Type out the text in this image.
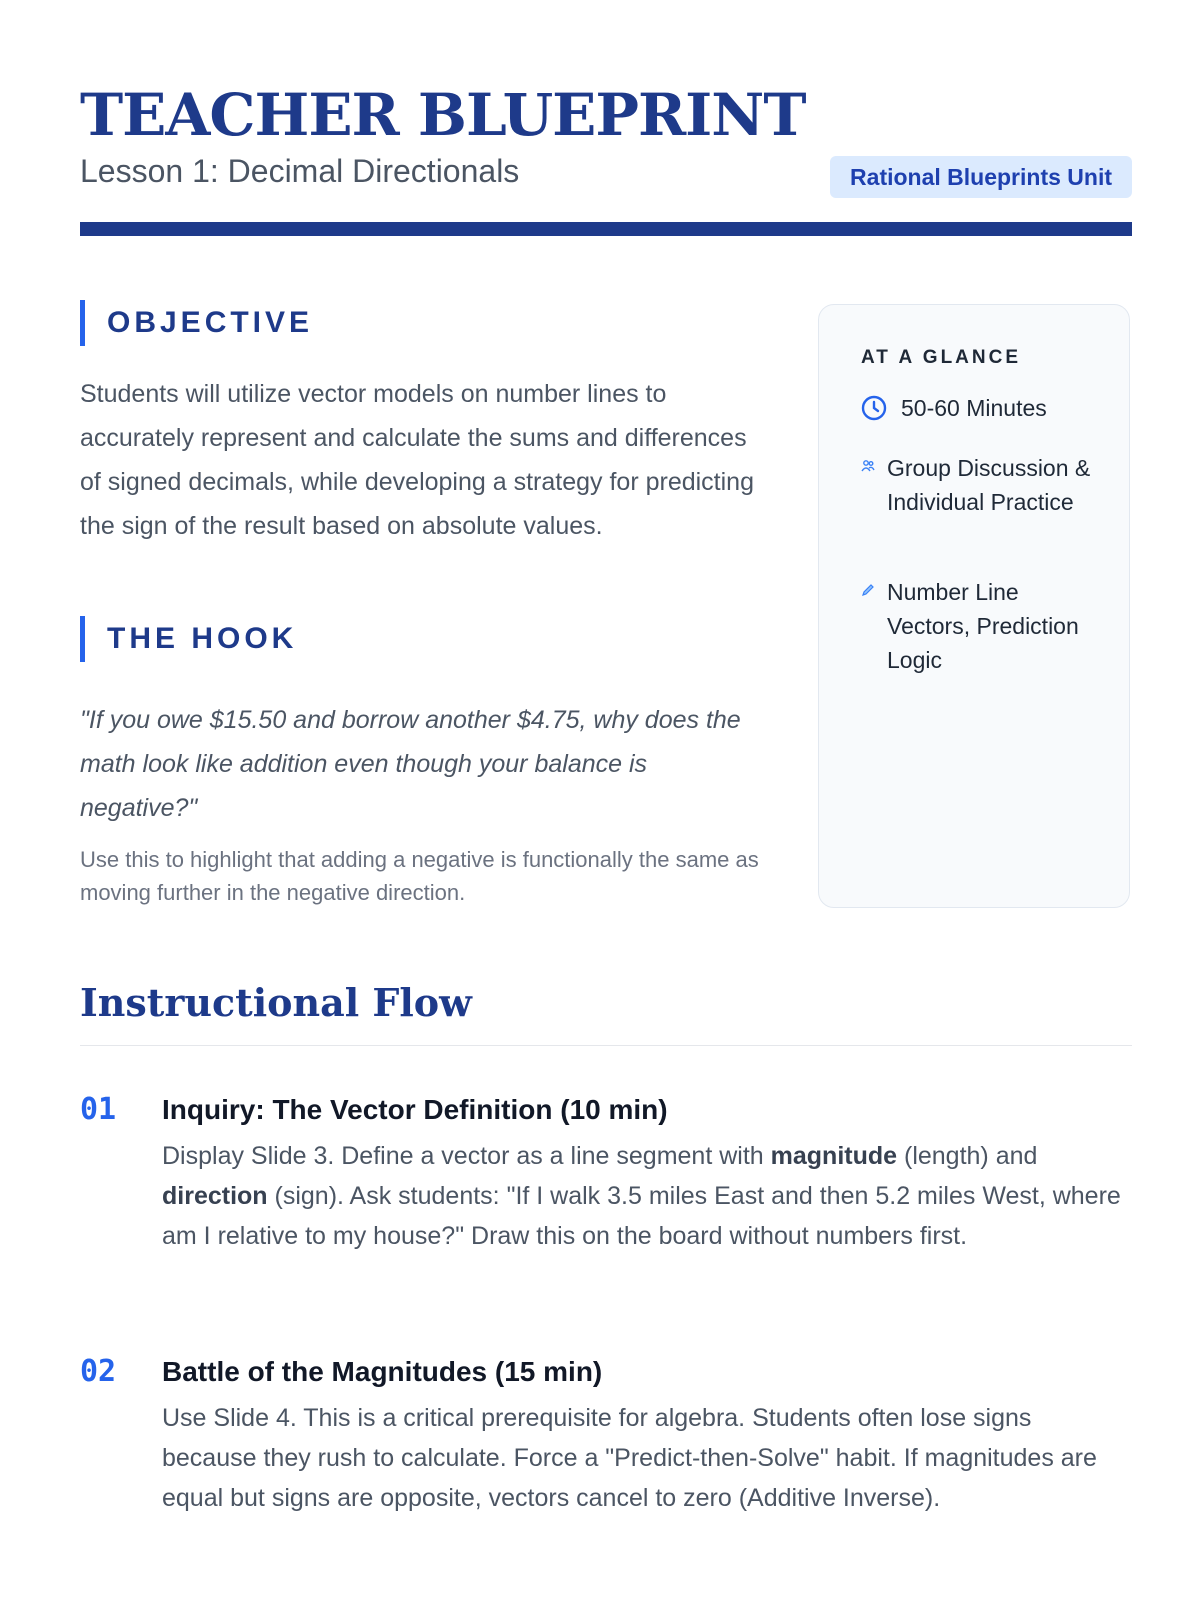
TEACHER BLUEPRINT
Lesson 1: Decimal Directionals	Rational Blueprints Unit
OBJECTIVE

Students will utilize vector models on number lines to accurately represent and calculate the sums and differences of signed decimals, while developing a strategy for predicting the sign of the result based on absolute values.

THE HOOK

"If you owe $15.50 and borrow another $4.75, why does the math look like addition even though your balance is negative?"

Use this to highlight that adding a negative is functionally the same as moving further in the negative direction.

AT A GLANCE
50-60 Minutes
Group Discussion & Individual Practice
Number Line Vectors, Prediction Logic
Instructional Flow
01 Inquiry: The Vector Definition (10 min)

Display Slide 3. Define a vector as a line segment with magnitude (length) and direction (sign). Ask students: "If I walk 3.5 miles East and then 5.2 miles West, where am I relative to my house?" Draw this on the board without numbers first.

02 Battle of the Magnitudes (15 min)

Use Slide 4. This is a critical prerequisite for algebra. Students often lose signs because they rush to calculate. Force a "Predict-then-Solve" habit. If magnitudes are equal but signs are opposite, vectors cancel to zero (Additive Inverse).
